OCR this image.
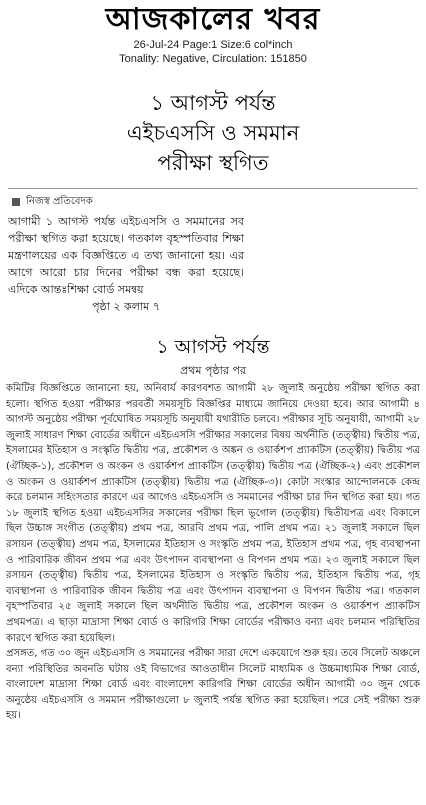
আজকালের খবর
26-Jul-24 Page:1 Size:6 col*inch
Tonality: Negative, Circulation: 151850
১ আগস্ট পর্যন্ত
এইচএসসি ও সমমান
পরীক্ষা স্থগিত
নিজস্ব প্রতিবেদক

আগামী ১ আগস্ট পর্যন্ত এইচএসসি ও সমমানের সব পরীক্ষা স্থগিত করা হয়েছে। গতকাল বৃহস্পতিবার শিক্ষা মন্ত্রণালয়ের এক বিজ্ঞপ্তিতে এ তথ্য জানানো হয়। এর আগে আরো চার দিনের পরীক্ষা বন্ধ করা হয়েছে। এদিকে আন্তঃশিক্ষা বোর্ড সমন্বয়

পৃষ্ঠা ২ কলাম ৭
১ আগস্ট পর্যন্ত
প্রথম পৃষ্ঠার পর

কমিটির বিজ্ঞপ্তিতে জানানো হয়, অনিবার্য কারণবশত আগামী ২৮ জুলাই অনুষ্ঠেয় পরীক্ষা স্থগিত করা হলো। স্থগিত হওয়া পরীক্ষার পরবর্তী সময়সূচি বিজ্ঞপ্তির মাধ্যমে জানিয়ে দেওয়া হবে। আর আগামী ৪ আগস্ট অনুষ্ঠেয় পরীক্ষা পূর্বঘোষিত সময়সূচি অনুযায়ী যথারীতি চলবে। পরীক্ষার সূচি অনুযায়ী, আগামী ২৮ জুলাই সাধারণ শিক্ষা বোর্ডের অধীনে এইচএসসি পরীক্ষার সকালের বিষয় অর্থনীতি (তত্ত্বীয়) দ্বিতীয় পত্র, ইসলামের ইতিহাস ও সংস্কৃতি দ্বিতীয় পত্র, প্রকৌশল ও অঙ্কন ও ওয়ার্কশপ প্র্যাকটিস (তত্ত্বীয়) দ্বিতীয় পত্র (ঐচ্ছিক-১), প্রকৌশল ও অংকন ও ওয়ার্কশপ প্র্যাকটিস (তত্ত্বীয়) দ্বিতীয় পত্র (ঐচ্ছিক-২) এবং প্রকৌশল ও অংকন ও ওয়ার্কশপ প্র্যাকটিস (তত্ত্বীয়) দ্বিতীয় পত্র (ঐচ্ছিক-৩)। কোটা সংস্কার আন্দোলনকে কেন্দ্র করে চলমান সহিংসতার কারণে এর আগেও এইচএসসি ও সমমানের পরীক্ষা চার দিন স্থগিত করা হয়। গত ১৮ জুলাই স্থগিত হওয়া এইচএসসির সকালের পরীক্ষা ছিল ভূগোল (তত্ত্বীয়) দ্বিতীয়পত্র এবং বিকালে ছিল উচ্চাঙ্গ সংগীত (তত্ত্বীয়) প্রথম পত্র, আরবি প্রথম পত্র, পালি প্রথম পত্র। ২১ জুলাই সকালে ছিল রসায়ন (তত্ত্বীয়) প্রথম পত্র, ইসলামের ইতিহাস ও সংস্কৃতি প্রথম পত্র, ইতিহাস প্রথম পত্র, গৃহ ব্যবস্থাপনা ও পারিবারিক জীবন প্রথম পত্র এবং উৎপাদন ব্যবস্থাপনা ও বিপণন প্রথম পত্র। ২৩ জুলাই সকালে ছিল রসায়ন (তত্ত্বীয়) দ্বিতীয় পত্র, ইসলামের ইতিহাস ও সংস্কৃতি দ্বিতীয় পত্র, ইতিহাস দ্বিতীয় পত্র, গৃহ ব্যবস্থাপনা ও পারিবারিক জীবন দ্বিতীয় পত্র এবং উৎপাদন ব্যবস্থাপনা ও বিপণন দ্বিতীয় পত্র। গতকাল বৃহস্পতিবার ২৫ জুলাই সকালে ছিল অর্থনীতি দ্বিতীয় পত্র, প্রকৌশল অংকন ও ওয়ার্কশপ প্র্যাকটিস প্রথমপত্র। এ ছাড়া মাদ্রাসা শিক্ষা বোর্ড ও কারিগরি শিক্ষা বোর্ডের পরীক্ষাও বন্যা এবং চলমান পরিস্থিতির কারণে স্থগিত করা হয়েছিল।

প্রসঙ্গত, গত ৩০ জুন এইচএসসি ও সমমানের পরীক্ষা সারা দেশে একযোগে শুরু হয়। তবে সিলেট অঞ্চলে বন্যা পরিস্থিতির অবনতি ঘটায় ওই বিভাগের আওতাধীন সিলেট মাধ্যমিক ও উচ্চমাধ্যমিক শিক্ষা বোর্ড, বাংলাদেশ মাদ্রাসা শিক্ষা বোর্ড এবং বাংলাদেশ কারিগরি শিক্ষা বোর্ডের অধীন আগামী ৩০ জুন থেকে অনুষ্ঠেয় এইচএসসি ও সমমান পরীক্ষাগুলো ৮ জুলাই পর্যন্ত স্থগিত করা হয়েছিল। পরে সেই পরীক্ষা শুরু হয়।
